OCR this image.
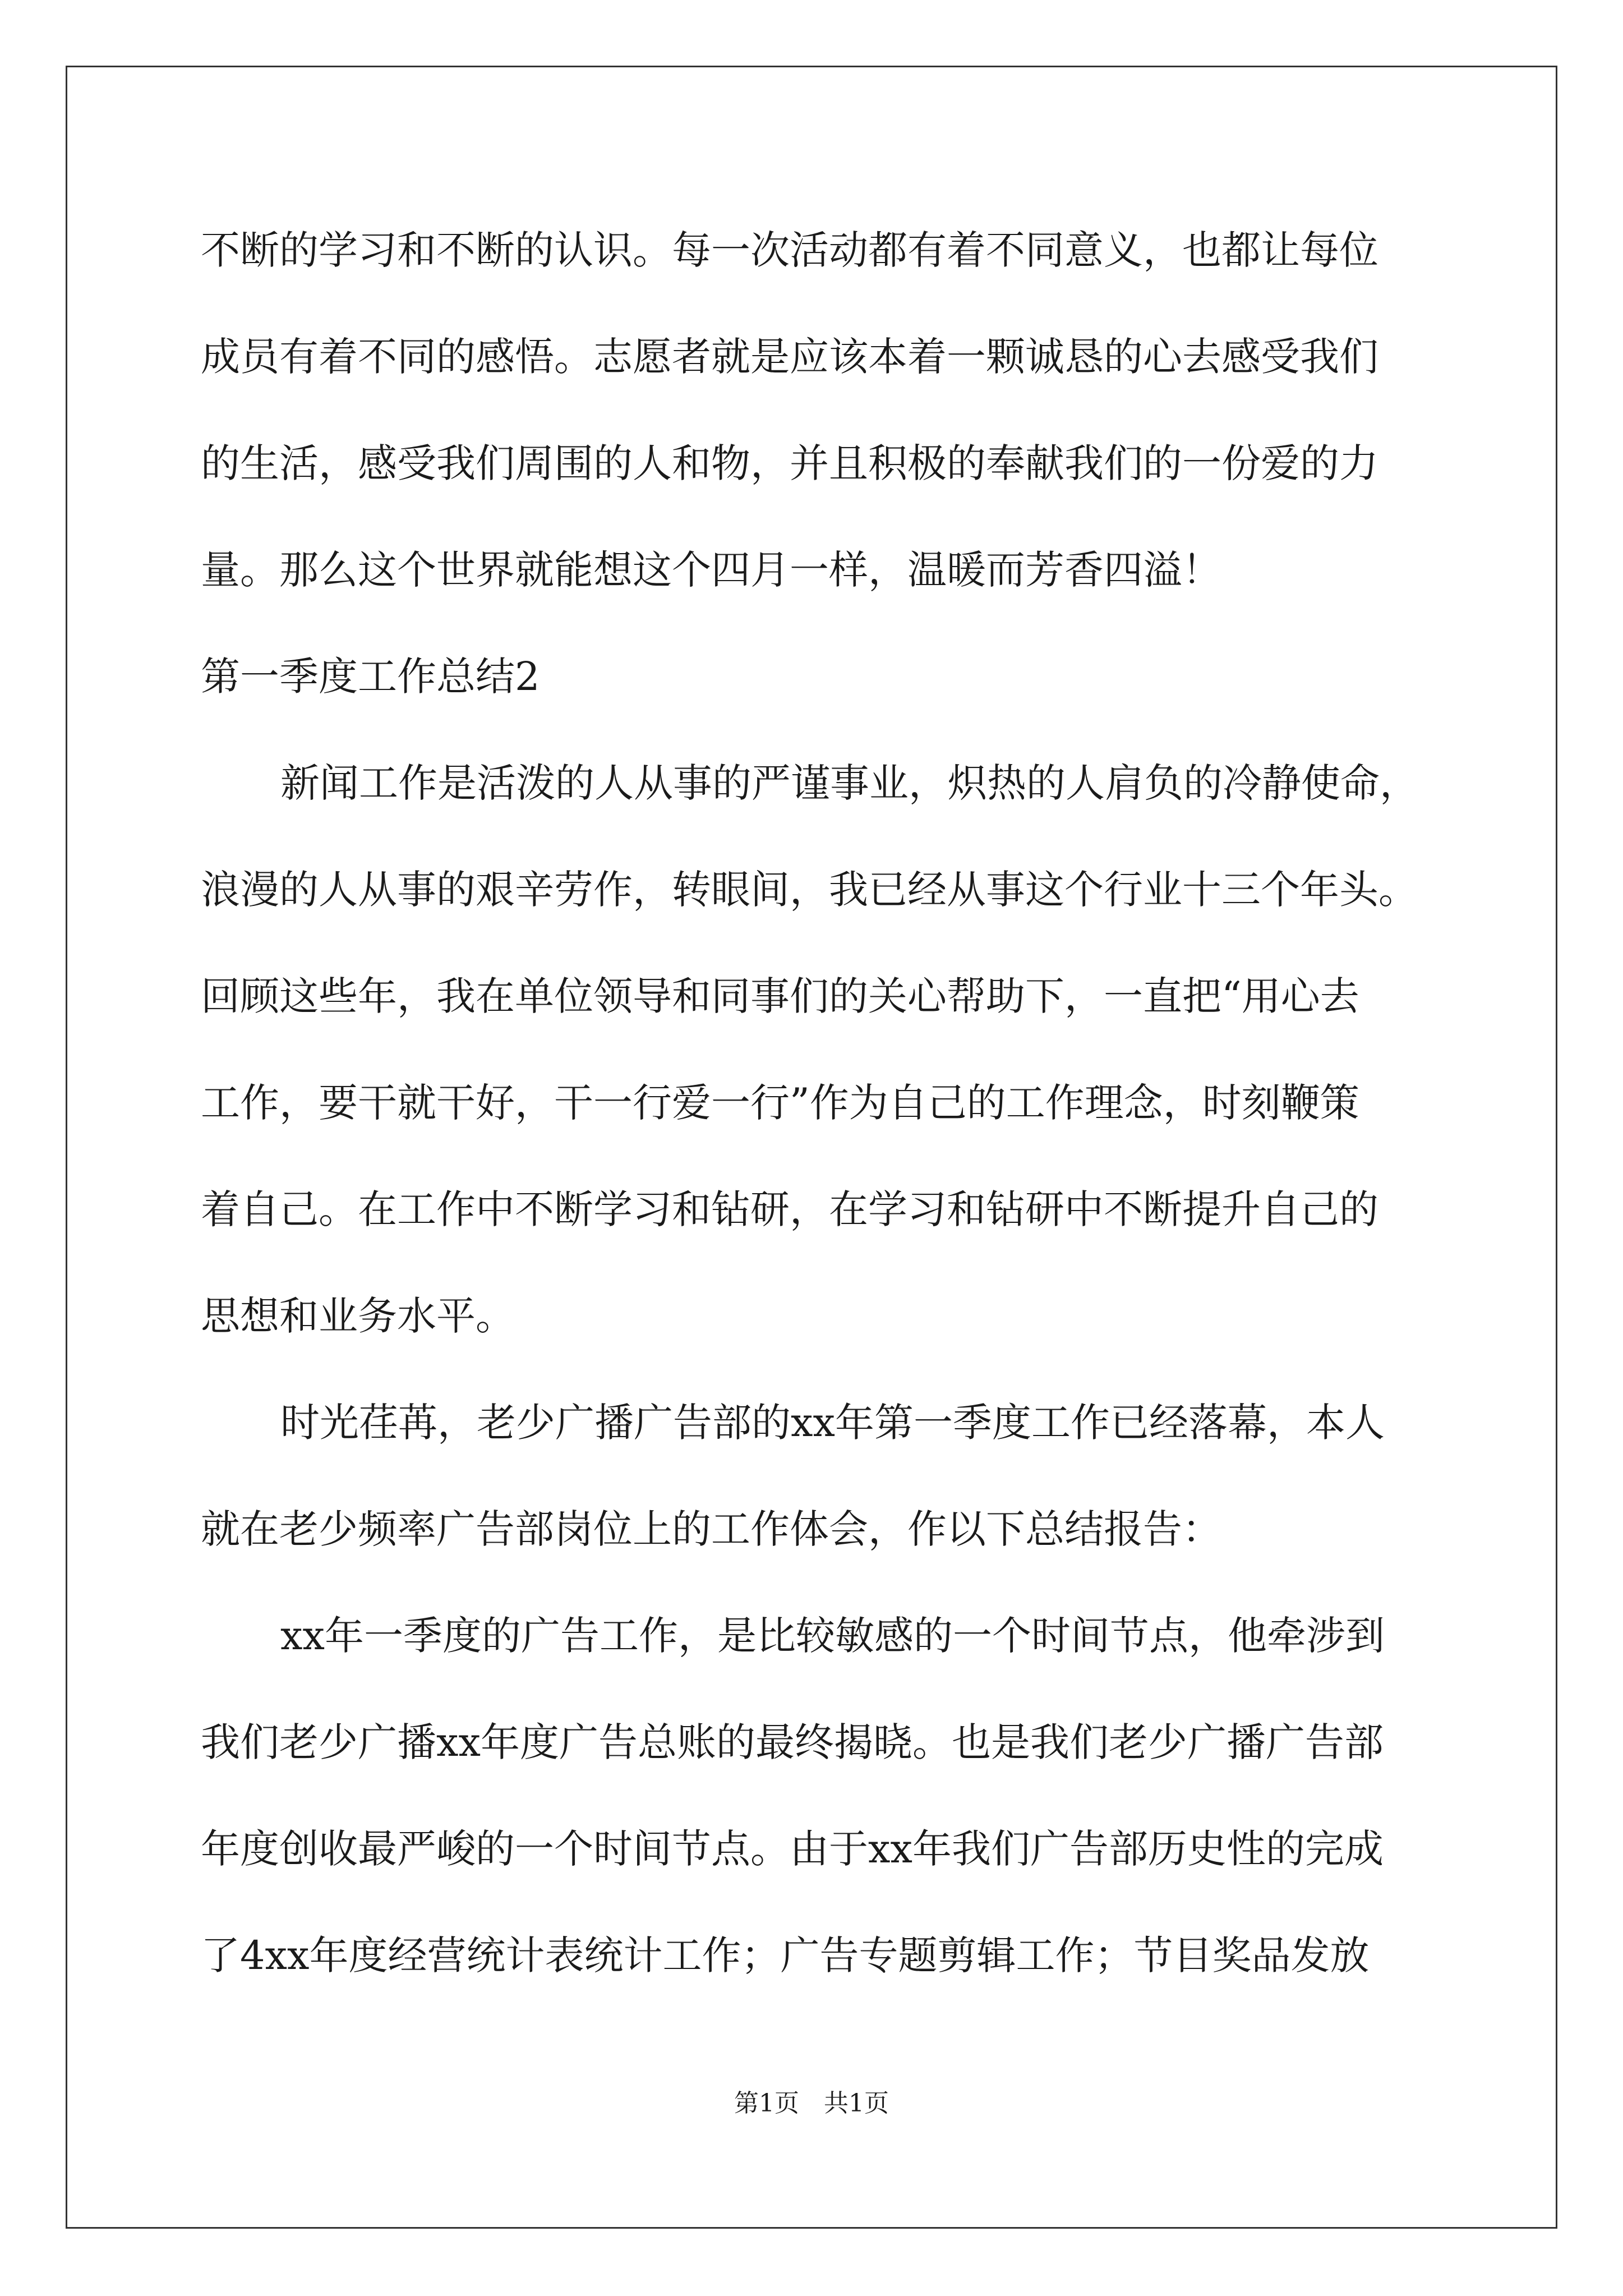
不断的学习和不断的认识。每一次活动都有着不同意义，也都让每位
成员有着不同的感悟。志愿者就是应该本着一颗诚恳的心去感受我们
的生活，感受我们周围的人和物，并且积极的奉献我们的一份爱的力
量。那么这个世界就能想这个四月一样，温暖而芳香四溢！
第一季度工作总结2
新闻工作是活泼的人从事的严谨事业，炽热的人肩负的冷静使命，
浪漫的人从事的艰辛劳作，转眼间，我已经从事这个行业十三个年头。
回顾这些年，我在单位领导和同事们的关心帮助下，一直把“用心去
工作，要干就干好，干一行爱一行”作为自己的工作理念，时刻鞭策
着自己。在工作中不断学习和钻研，在学习和钻研中不断提升自己的
思想和业务水平。
时光荏苒，老少广播广告部的xx年第一季度工作已经落幕，本人
就在老少频率广告部岗位上的工作体会，作以下总结报告：
xx年一季度的广告工作，是比较敏感的一个时间节点，他牵涉到
我们老少广播xx年度广告总账的最终揭晓。也是我们老少广播广告部
年度创收最严峻的一个时间节点。由于xx年我们广告部历史性的完成
了4xx年度经营统计表统计工作；广告专题剪辑工作；节目奖品发放
第1页 共1页
